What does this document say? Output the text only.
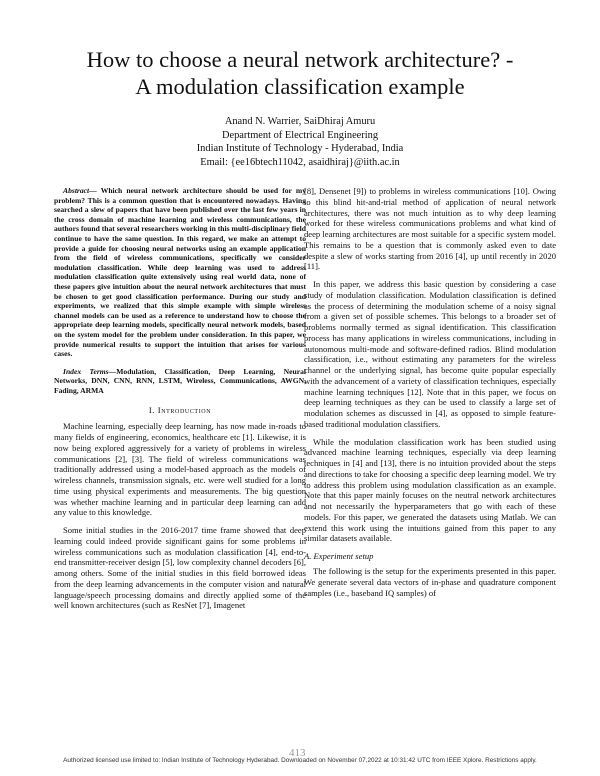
How to choose a neural network architecture? -
A modulation classification example
Anand N. Warrier, SaiDhiraj Amuru
Department of Electrical Engineering
Indian Institute of Technology - Hyderabad, India
Email: {ee16btech11042, asaidhiraj}@iith.ac.in

Abstract— Which neural network architecture should be used for my problem? This is a common question that is encountered nowadays. Having searched a slew of papers that have been published over the last few years in the cross domain of machine learning and wireless communications, the authors found that several researchers working in this multi-disciplinary field continue to have the same question. In this regard, we make an attempt to provide a guide for choosing neural networks using an example application from the field of wireless communications, specifically we consider modulation classification. While deep learning was used to address modulation classification quite extensively using real world data, none of these papers give intuition about the neural network architectures that must be chosen to get good classification performance. During our study and experiments, we realized that this simple example with simple wireless channel models can be used as a reference to understand how to choose the appropriate deep learning models, specifically neural network models, based on the system model for the problem under consideration. In this paper, we provide numerical results to support the intuition that arises for various cases.

Index Terms—Modulation, Classification, Deep Learning, Neural Networks, DNN, CNN, RNN, LSTM, Wireless, Communications, AWGN, Fading, ARMA

I. Introduction

Machine learning, especially deep learning, has now made in-roads to many fields of engineering, economics, healthcare etc [1]. Likewise, it is now being explored aggressively for a variety of problems in wireless communications [2], [3]. The field of wireless communications was traditionally addressed using a model-based approach as the models of wireless channels, transmission signals, etc. were well studied for a long time using physical experiments and measurements. The big question was whether machine learning and in particular deep learning can add any value to this knowledge.

Some initial studies in the 2016-2017 time frame showed that deep learning could indeed provide significant gains for some problems in wireless communications such as modulation classification [4], end-to-end transmitter-receiver design [5], low complexity channel decoders [6], among others. Some of the initial studies in this field borrowed ideas from the deep learning advancements in the computer vision and natural language/speech processing domains and directly applied some of the well known architectures (such as ResNet [7], Imagenet

[8], Densenet [9]) to problems in wireless communications [10]. Owing to this blind hit-and-trial method of application of neural network architectures, there was not much intuition as to why deep learning worked for these wireless communications problems and what kind of deep learning architectures are most suitable for a specific system model. This remains to be a question that is commonly asked even to date despite a slew of works starting from 2016 [4], up until recently in 2020 [11].

In this paper, we address this basic question by considering a case study of modulation classification. Modulation classification is defined as the process of determining the modulation scheme of a noisy signal from a given set of possible schemes. This belongs to a broader set of problems normally termed as signal identification. This classification process has many applications in wireless communications, including in autonomous multi-mode and software-defined radios. Blind modulation classification, i.e., without estimating any parameters for the wireless channel or the underlying signal, has become quite popular especially with the advancement of a variety of classification techniques, especially machine learning techniques [12]. Note that in this paper, we focus on deep learning techniques as they can be used to classify a large set of modulation schemes as discussed in [4], as opposed to simple feature-based traditional modulation classifiers.

While the modulation classification work has been studied using advanced machine learning techniques, especially via deep learning techniques in [4] and [13], there is no intuition provided about the steps and directions to take for choosing a specific deep learning model. We try to address this problem using modulation classification as an example. Note that this paper mainly focuses on the neutral network architectures and not necessarily the hyperparameters that go with each of these models. For this paper, we generated the datasets using Matlab. We can extend this work using the intuitions gained from this paper to any similar datasets available.

A. Experiment setup

The following is the setup for the experiments presented in this paper. We generate several data vectors of in-phase and quadrature component samples (i.e., baseband IQ samples) of

413
Authorized licensed use limited to: Indian Institute of Technology Hyderabad. Downloaded on November 07,2022 at 10:31:42 UTC from IEEE Xplore. Restrictions apply.
